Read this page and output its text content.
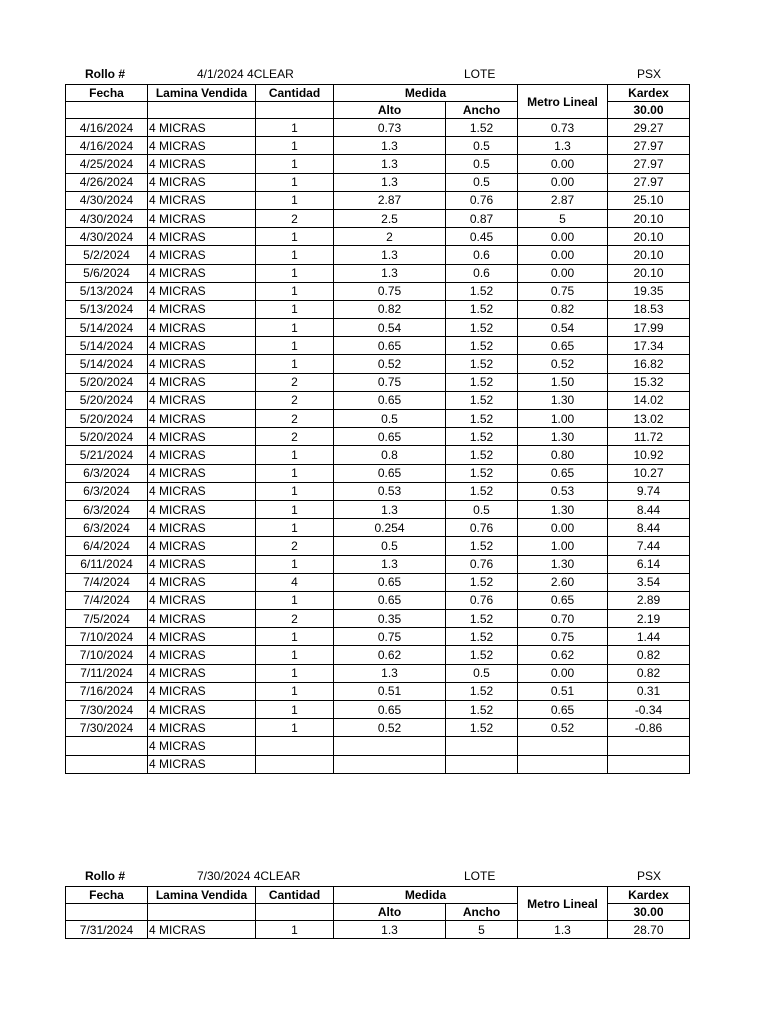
Rollo #	4/1/2024 4CLEAR	LOTE	PSX
Fecha	Lamina Vendida	Cantidad	Medida		Metro Lineal	Kardex
			Alto	Ancho		30.00
4/16/2024	4 MICRAS	1	0.73	1.52	0.73	29.27
4/16/2024	4 MICRAS	1	1.3	0.5	1.3	27.97
4/25/2024	4 MICRAS	1	1.3	0.5	0.00	27.97
4/26/2024	4 MICRAS	1	1.3	0.5	0.00	27.97
4/30/2024	4 MICRAS	1	2.87	0.76	2.87	25.10
4/30/2024	4 MICRAS	2	2.5	0.87	5	20.10
4/30/2024	4 MICRAS	1	2	0.45	0.00	20.10
5/2/2024	4 MICRAS	1	1.3	0.6	0.00	20.10
5/6/2024	4 MICRAS	1	1.3	0.6	0.00	20.10
5/13/2024	4 MICRAS	1	0.75	1.52	0.75	19.35
5/13/2024	4 MICRAS	1	0.82	1.52	0.82	18.53
5/14/2024	4 MICRAS	1	0.54	1.52	0.54	17.99
5/14/2024	4 MICRAS	1	0.65	1.52	0.65	17.34
5/14/2024	4 MICRAS	1	0.52	1.52	0.52	16.82
5/20/2024	4 MICRAS	2	0.75	1.52	1.50	15.32
5/20/2024	4 MICRAS	2	0.65	1.52	1.30	14.02
5/20/2024	4 MICRAS	2	0.5	1.52	1.00	13.02
5/20/2024	4 MICRAS	2	0.65	1.52	1.30	11.72
5/21/2024	4 MICRAS	1	0.8	1.52	0.80	10.92
6/3/2024	4 MICRAS	1	0.65	1.52	0.65	10.27
6/3/2024	4 MICRAS	1	0.53	1.52	0.53	9.74
6/3/2024	4 MICRAS	1	1.3	0.5	1.30	8.44
6/3/2024	4 MICRAS	1	0.254	0.76	0.00	8.44
6/4/2024	4 MICRAS	2	0.5	1.52	1.00	7.44
6/11/2024	4 MICRAS	1	1.3	0.76	1.30	6.14
7/4/2024	4 MICRAS	4	0.65	1.52	2.60	3.54
7/4/2024	4 MICRAS	1	0.65	0.76	0.65	2.89
7/5/2024	4 MICRAS	2	0.35	1.52	0.70	2.19
7/10/2024	4 MICRAS	1	0.75	1.52	0.75	1.44
7/10/2024	4 MICRAS	1	0.62	1.52	0.62	0.82
7/11/2024	4 MICRAS	1	1.3	0.5	0.00	0.82
7/16/2024	4 MICRAS	1	0.51	1.52	0.51	0.31
7/30/2024	4 MICRAS	1	0.65	1.52	0.65	-0.34
7/30/2024	4 MICRAS	1	0.52	1.52	0.52	-0.86
	4 MICRAS					
	4 MICRAS					
Rollo #	7/30/2024 4CLEAR	LOTE	PSX
Fecha	Lamina Vendida	Cantidad	Medida		Metro Lineal	Kardex
			Alto	Ancho		30.00
7/31/2024	4 MICRAS	1	1.3	5	1.3	28.70
